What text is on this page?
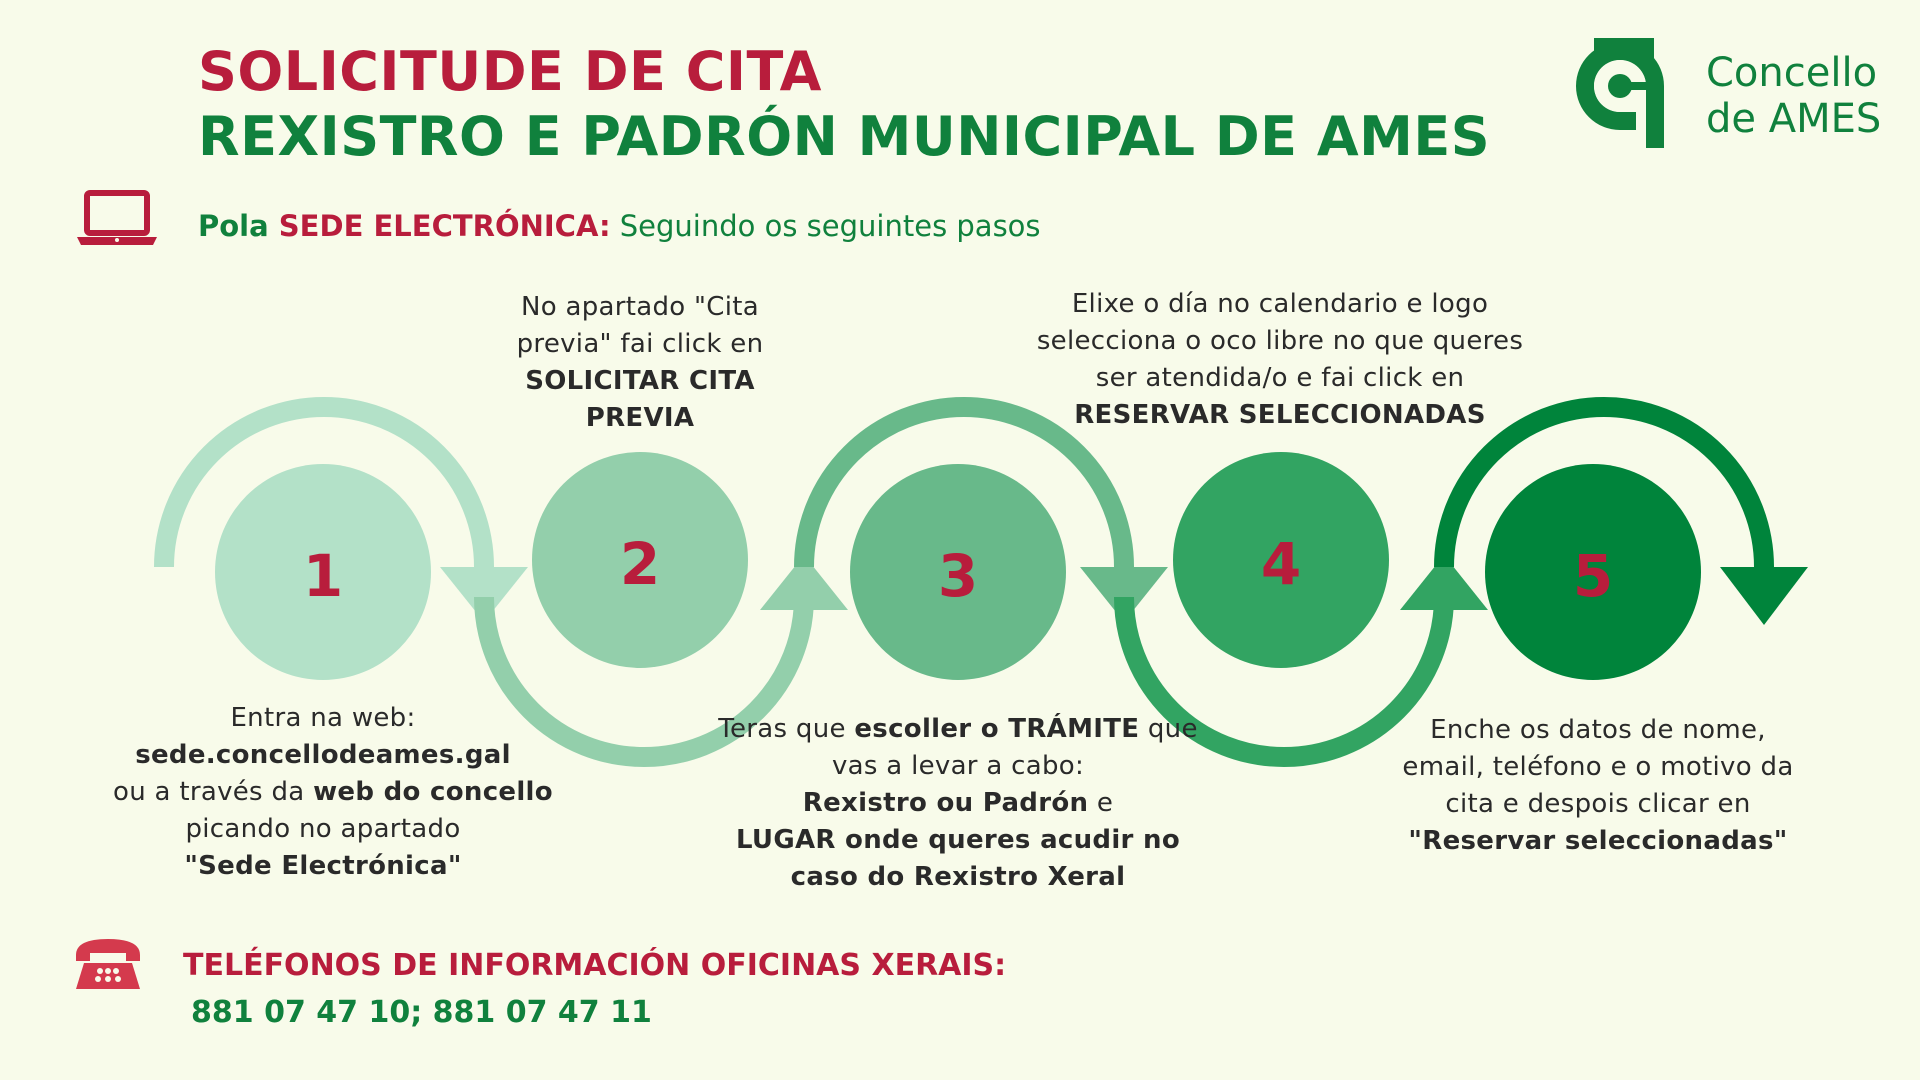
SOLICITUDE DE CITA
REXISTRO E PADRÓN MUNICIPAL DE AMES
Concello
de AMES
Pola SEDE ELECTRÓNICA: Seguindo os seguintes pasos
1	2	3	4	5
Entra na web:
sede.concellodeames.gal
ou a través da web do concello
picando no apartado
"Sede Electrónica"
No apartado "Cita
previa" fai click en
SOLICITAR CITA
PREVIA
Teras que escoller o TRÁMITE que
vas a levar a cabo:
Rexistro ou Padrón e
LUGAR onde queres acudir no
caso do Rexistro Xeral
Elixe o día no calendario e logo
selecciona o oco libre no que queres
ser atendida/o e fai click en
RESERVAR SELECCIONADAS
Enche os datos de nome,
email, teléfono e o motivo da
cita e despois clicar en
"Reservar seleccionadas"
TELÉFONOS DE INFORMACIÓN OFICINAS XERAIS:
881 07 47 10; 881 07 47 11
